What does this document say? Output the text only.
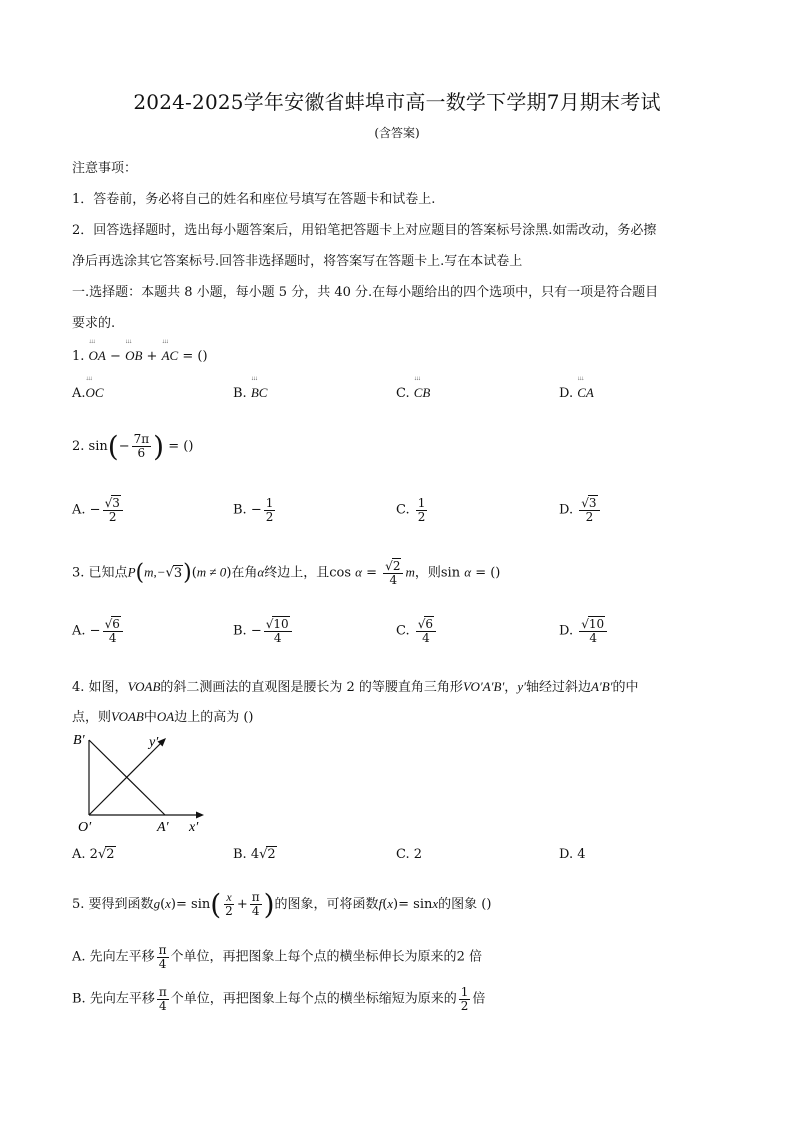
2024-2025学年安徽省蚌埠市高一数学下学期7月期末考试
(含答案)
注意事项：
1．答卷前，务必将自己的姓名和座位号填写在答题卡和试卷上.
2．回答选择题时，选出每小题答案后，用铅笔把答题卡上对应题目的答案标号涂黑.如需改动，务必擦
净后再选涂其它答案标号.回答非选择题时，将答案写在答题卡上.写在本试卷上
一.选择题：本题共 8 小题，每小题 5 分，共 40 分.在每小题给出的四个选项中，只有一项是符合题目
要求的.
1. ↓↓↓ OA − ↓↓↓ OB + ↓↓↓ AC = ()
A.↓↓↓ OC	B. ↓↓↓ BC	C. ↓↓↓ CB	D. ↓↓↓ CA
2. $\sin(- \frac{7\pi}{6}$ ) = ()
A. − $\frac{√3}{2}$	B. − $\frac{1}{2}$	C. $\frac{1}{2}$	D. $\frac{√3}{2}$
3. 已知点P(m,−√3)(m ≠ 0)在角α终边上，且$\cos \alpha = \frac{√2}{4}$ m，则sin α = ()
A. − $\frac{√6}{4}$	B. − $\frac{√10}{4}$	C. $\frac{√6}{4}$	D. $\frac{√10}{4}$
4. 如图，VOAB的斜二测画法的直观图是腰长为 2 的等腰直角三角形VO′A′B′，y′轴经过斜边A′B′的中
点，则VOAB中OA边上的高为 ()
B′	y′
O′	A′ x′
A. 2√2	B. 4√2	C. 2	D. 4
5. 要得到函数$g(x)= \sin( \frac{x}{2} + \frac{\pi}{4}$ )的图象，可将函数f(x)= sinx的图象 ()
A. 先向左平移 $\frac{\pi}{4}$ 个单位，再把图象上每个点的横坐标伸长为原来的2 倍
B. 先向左平移 $\frac{\pi}{4}$ 个单位，再把图象上每个点的横坐标缩短为原来的 $\frac{1}{2}$ 倍
